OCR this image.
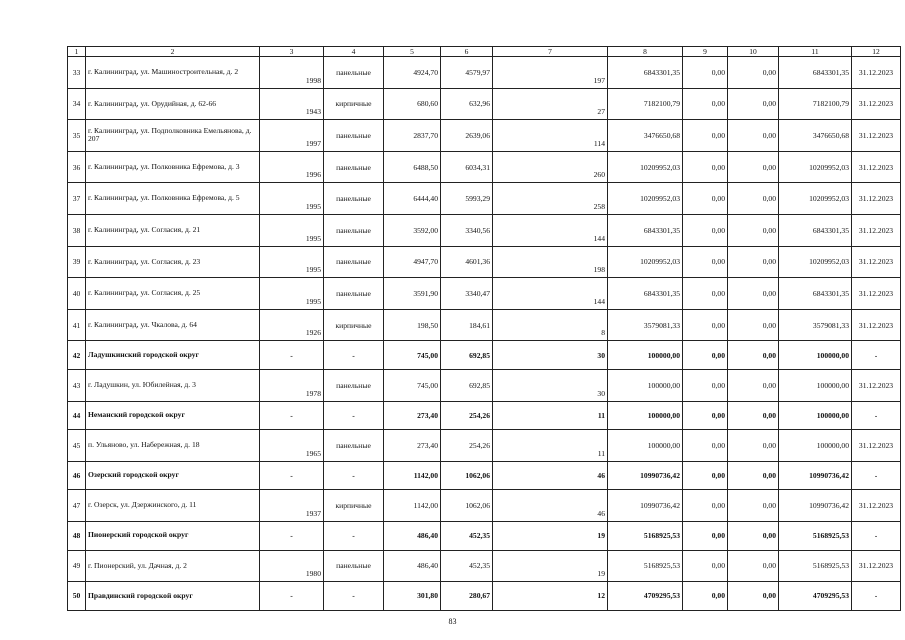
1	2	3	4	5	6	7	8	9	10	11	12
33	г. Калининград, ул. Машиностроительная, д. 2	1998	панельные	4924,70	4579,97	197	6843301,35	0,00	0,00	6843301,35	31.12.2023
34	г. Калининград, ул. Орудийная, д. 62-66	1943	кирпичные	680,60	632,96	27	7182100,79	0,00	0,00	7182100,79	31.12.2023
35	г. Калининград, ул. Подполковника Емельянова, д. 207	1997	панельные	2837,70	2639,06	114	3476650,68	0,00	0,00	3476650,68	31.12.2023
36	г. Калининград, ул. Полковника Ефремова, д. 3	1996	панельные	6488,50	6034,31	260	10209952,03	0,00	0,00	10209952,03	31.12.2023
37	г. Калининград, ул. Полковника Ефремова, д. 5	1995	панельные	6444,40	5993,29	258	10209952,03	0,00	0,00	10209952,03	31.12.2023
38	г. Калининград, ул. Согласия, д. 21	1995	панельные	3592,00	3340,56	144	6843301,35	0,00	0,00	6843301,35	31.12.2023
39	г. Калининград, ул. Согласия, д. 23	1995	панельные	4947,70	4601,36	198	10209952,03	0,00	0,00	10209952,03	31.12.2023
40	г. Калининград, ул. Согласия, д. 25	1995	панельные	3591,90	3340,47	144	6843301,35	0,00	0,00	6843301,35	31.12.2023
41	г. Калининград, ул. Чкалова, д. 64	1926	кирпичные	198,50	184,61	8	3579081,33	0,00	0,00	3579081,33	31.12.2023
42	Ладушкинский городской округ	-	-	745,00	692,85	30	100000,00	0,00	0,00	100000,00	-
43	г. Ладушкин, ул. Юбилейная, д. 3	1978	панельные	745,00	692,85	30	100000,00	0,00	0,00	100000,00	31.12.2023
44	Неманский городской округ	-	-	273,40	254,26	11	100000,00	0,00	0,00	100000,00	-
45	п. Ульяново, ул. Набережная, д. 18	1965	панельные	273,40	254,26	11	100000,00	0,00	0,00	100000,00	31.12.2023
46	Озерский городской округ	-	-	1142,00	1062,06	46	10990736,42	0,00	0,00	10990736,42	-
47	г. Озерск, ул. Дзержинского, д. 11	1937	кирпичные	1142,00	1062,06	46	10990736,42	0,00	0,00	10990736,42	31.12.2023
48	Пионерский городской округ	-	-	486,40	452,35	19	5168925,53	0,00	0,00	5168925,53	-
49	г. Пионерский, ул. Дачная, д. 2	1980	панельные	486,40	452,35	19	5168925,53	0,00	0,00	5168925,53	31.12.2023
50	Правдинский городской округ	-	-	301,80	280,67	12	4709295,53	0,00	0,00	4709295,53	-
83
